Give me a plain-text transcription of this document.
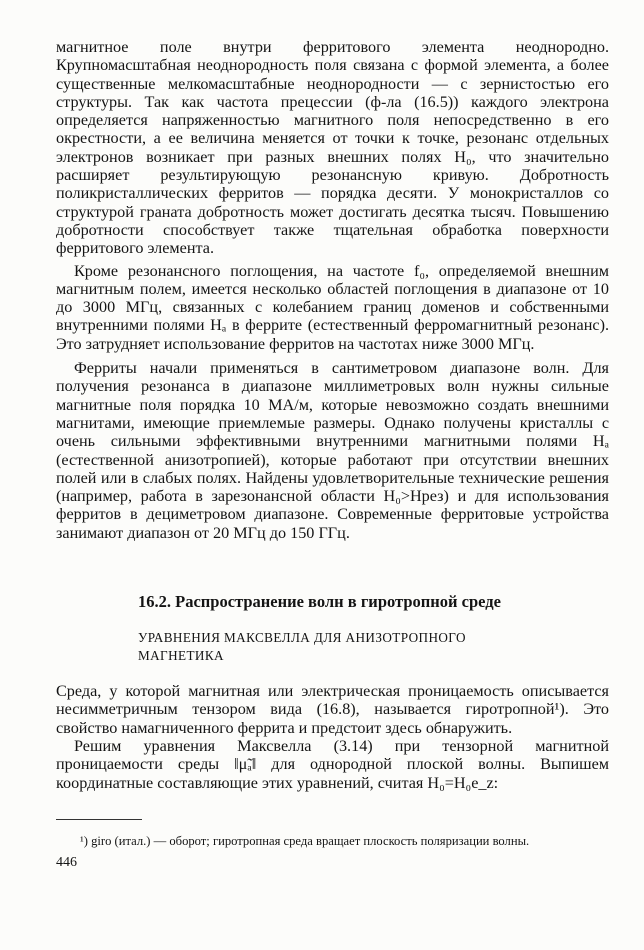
магнитное поле внутри ферритового элемента неоднородно. Крупномасштабная неоднородность поля связана с формой элемента, а более существенные мелкомасштабные неоднородности — с зернистостью его структуры. Так как частота прецессии (ф-ла (16.5)) каждого электрона определяется напряженностью магнитного поля непосредственно в его окрестности, а ее величина меняется от точки к точке, резонанс отдельных электронов возникает при разных внешних полях H₀, что значительно расширяет результирующую резонансную кривую. Добротность поликристаллических ферритов — порядка десяти. У монокристаллов со структурой граната добротность может достигать десятка тысяч. Повышению добротности способствует также тщательная обработка поверхности ферритового элемента.

Кроме резонансного поглощения, на частоте f₀, определяемой внешним магнитным полем, имеется несколько областей поглощения в диапазоне от 10 до 3000 МГц, связанных с колебанием границ доменов и собственными внутренними полями Hₐ в феррите (естественный ферромагнитный резонанс). Это затрудняет использование ферритов на частотах ниже 3000 МГц.

Ферриты начали применяться в сантиметровом диапазоне волн. Для получения резонанса в диапазоне миллиметровых волн нужны сильные магнитные поля порядка 10 МА/м, которые невозможно создать внешними магнитами, имеющие приемлемые размеры. Однако получены кристаллы с очень сильными эффективными внутренними магнитными полями Hₐ (естественной анизотропией), которые работают при отсутствии внешних полей или в слабых полях. Найдены удовлетворительные технические решения (например, работа в зарезонансной области H₀>Hрез) и для использования ферритов в дециметровом диапазоне. Современные ферритовые устройства занимают диапазон от 20 МГц до 150 ГГц.

16.2. Распространение волн в гиротропной среде
УРАВНЕНИЯ МАКСВЕЛЛА ДЛЯ АНИЗОТРОПНОГО МАГНЕТИКА

Среда, у которой магнитная или электрическая проницаемость описывается несимметричным тензором вида (16.8), называется гиротропной¹). Это свойство намагниченного феррита и предстоит здесь обнаружить.

Решим уравнения Максвелла (3.14) при тензорной магнитной проницаемости среды ‖μ̃ₐ‖ для однородной плоской волны. Выпишем координатные составляющие этих уравнений, считая H₀=H₀e_z:

¹) giro (итал.) — оборот; гиротропная среда вращает плоскость поляризации волны.
446
